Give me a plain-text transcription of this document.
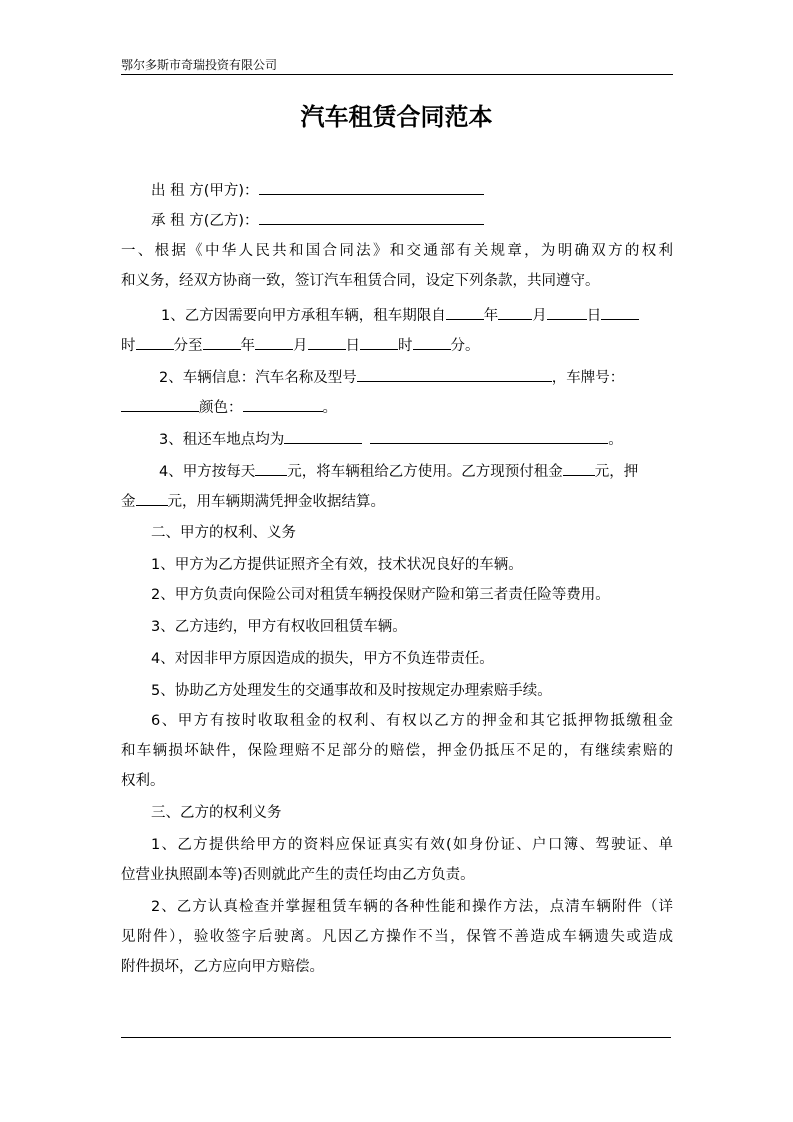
鄂尔多斯市奇瑞投资有限公司
汽车租赁合同范本
出 租 方(甲方)：
承 租 方(乙方)：
一、根据《中华人民共和国合同法》和交通部有关规章，为明确双方的权利
和义务，经双方协商一致，签订汽车租赁合同，设定下列条款，共同遵守。
1、乙方因需要向甲方承租车辆，租车期限自	年 月	日
时	分至	年	月	日	时	分。
2、车辆信息：汽车名称及型号	，车牌号：
颜色：	。
3、租还车地点均为	。
4、甲方按每天 元，将车辆租给乙方使用。乙方现预付租金 元，押
金 元，用车辆期满凭押金收据结算。
二、甲方的权利、义务
1、甲方为乙方提供证照齐全有效，技术状况良好的车辆。
2、甲方负责向保险公司对租赁车辆投保财产险和第三者责任险等费用。
3、乙方违约，甲方有权收回租赁车辆。
4、对因非甲方原因造成的损失，甲方不负连带责任。
5、协助乙方处理发生的交通事故和及时按规定办理索赔手续。
6、甲方有按时收取租金的权利、有权以乙方的押金和其它抵押物抵缴租金
和车辆损坏缺件，保险理赔不足部分的赔偿，押金仍抵压不足的，有继续索赔的
权利。
三、乙方的权利义务
1、乙方提供给甲方的资料应保证真实有效(如身份证、户口簿、驾驶证、单
位营业执照副本等)否则就此产生的责任均由乙方负责。
2、乙方认真检查并掌握租赁车辆的各种性能和操作方法，点清车辆附件（详
见附件），验收签字后驶离。凡因乙方操作不当，保管不善造成车辆遗失或造成
附件损坏，乙方应向甲方赔偿。
